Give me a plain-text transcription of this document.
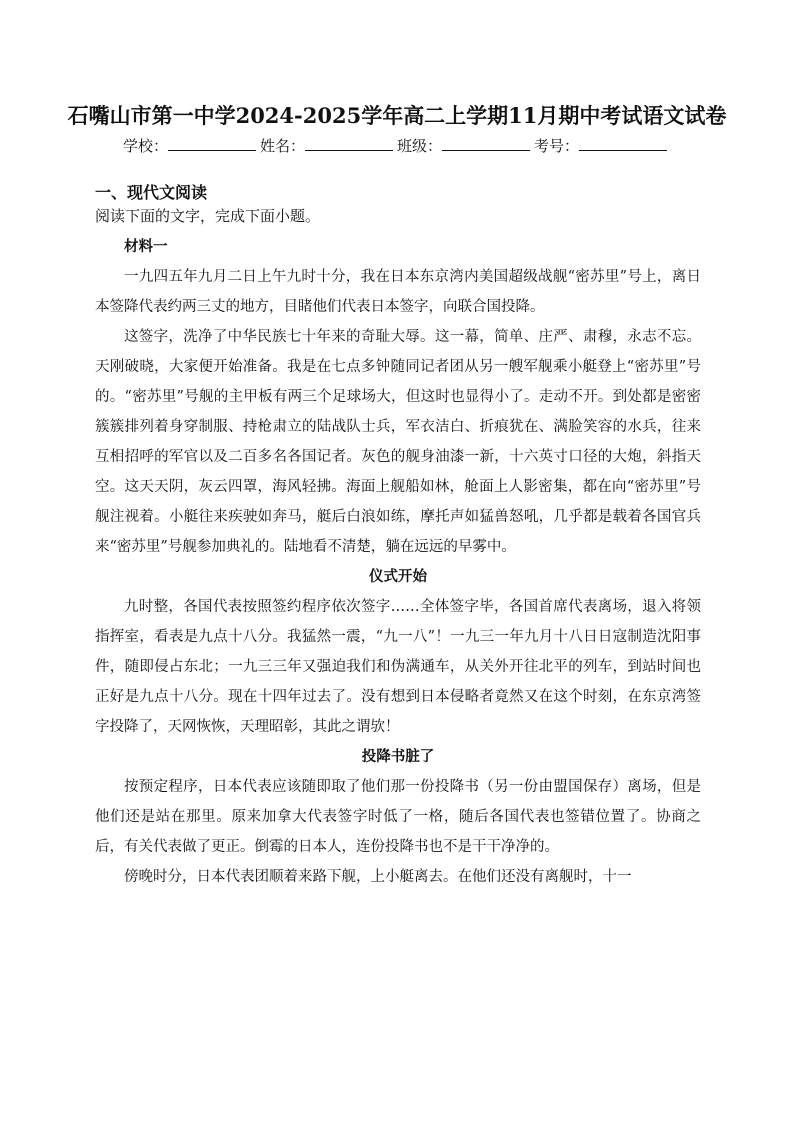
石嘴山市第一中学2024-2025学年高二上学期11月期中考试语文试卷
学校：	姓名：	班级：	考号：
一、现代文阅读
阅读下面的文字，完成下面小题。

材料一

一九四五年九月二日上午九时十分，我在日本东京湾内美国超级战舰“密苏里”号上，离日本签降代表约两三丈的地方，目睹他们代表日本签字，向联合国投降。

这签字，洗净了中华民族七十年来的奇耻大辱。这一幕，简单、庄严、肃穆，永志不忘。天刚破晓，大家便开始准备。我是在七点多钟随同记者团从另一艘军舰乘小艇登上“密苏里”号的。“密苏里”号舰的主甲板有两三个足球场大，但这时也显得小了。走动不开。到处都是密密簇簇排列着身穿制服、持枪肃立的陆战队士兵，军衣洁白、折痕犹在、满脸笑容的水兵，往来互相招呼的军官以及二百多名各国记者。灰色的舰身油漆一新，十六英寸口径的大炮，斜指天空。这天天阴，灰云四罩，海风轻拂。海面上舰船如林，舱面上人影密集，都在向“密苏里”号舰注视着。小艇往来疾驶如奔马，艇后白浪如练，摩托声如猛兽怒吼，几乎都是载着各国官兵来“密苏里”号舰参加典礼的。陆地看不清楚，躺在远远的早雾中。

仪式开始

九时整，各国代表按照签约程序依次签字……全体签字毕，各国首席代表离场，退入将领指挥室，看表是九点十八分。我猛然一震，“九一八”！一九三一年九月十八日日寇制造沈阳事件，随即侵占东北；一九三三年又强迫我们和伪满通车，从关外开往北平的列车，到站时间也正好是九点十八分。现在十四年过去了。没有想到日本侵略者竟然又在这个时刻，在东京湾签字投降了，天网恢恢，天理昭彰，其此之谓欤！

投降书脏了

按预定程序，日本代表应该随即取了他们那一份投降书（另一份由盟国保存）离场，但是他们还是站在那里。原来加拿大代表签字时低了一格，随后各国代表也签错位置了。协商之后，有关代表做了更正。倒霉的日本人，连份投降书也不是干干净净的。

傍晚时分，日本代表团顺着来路下舰，上小艇离去。在他们还没有离舰时，十一
